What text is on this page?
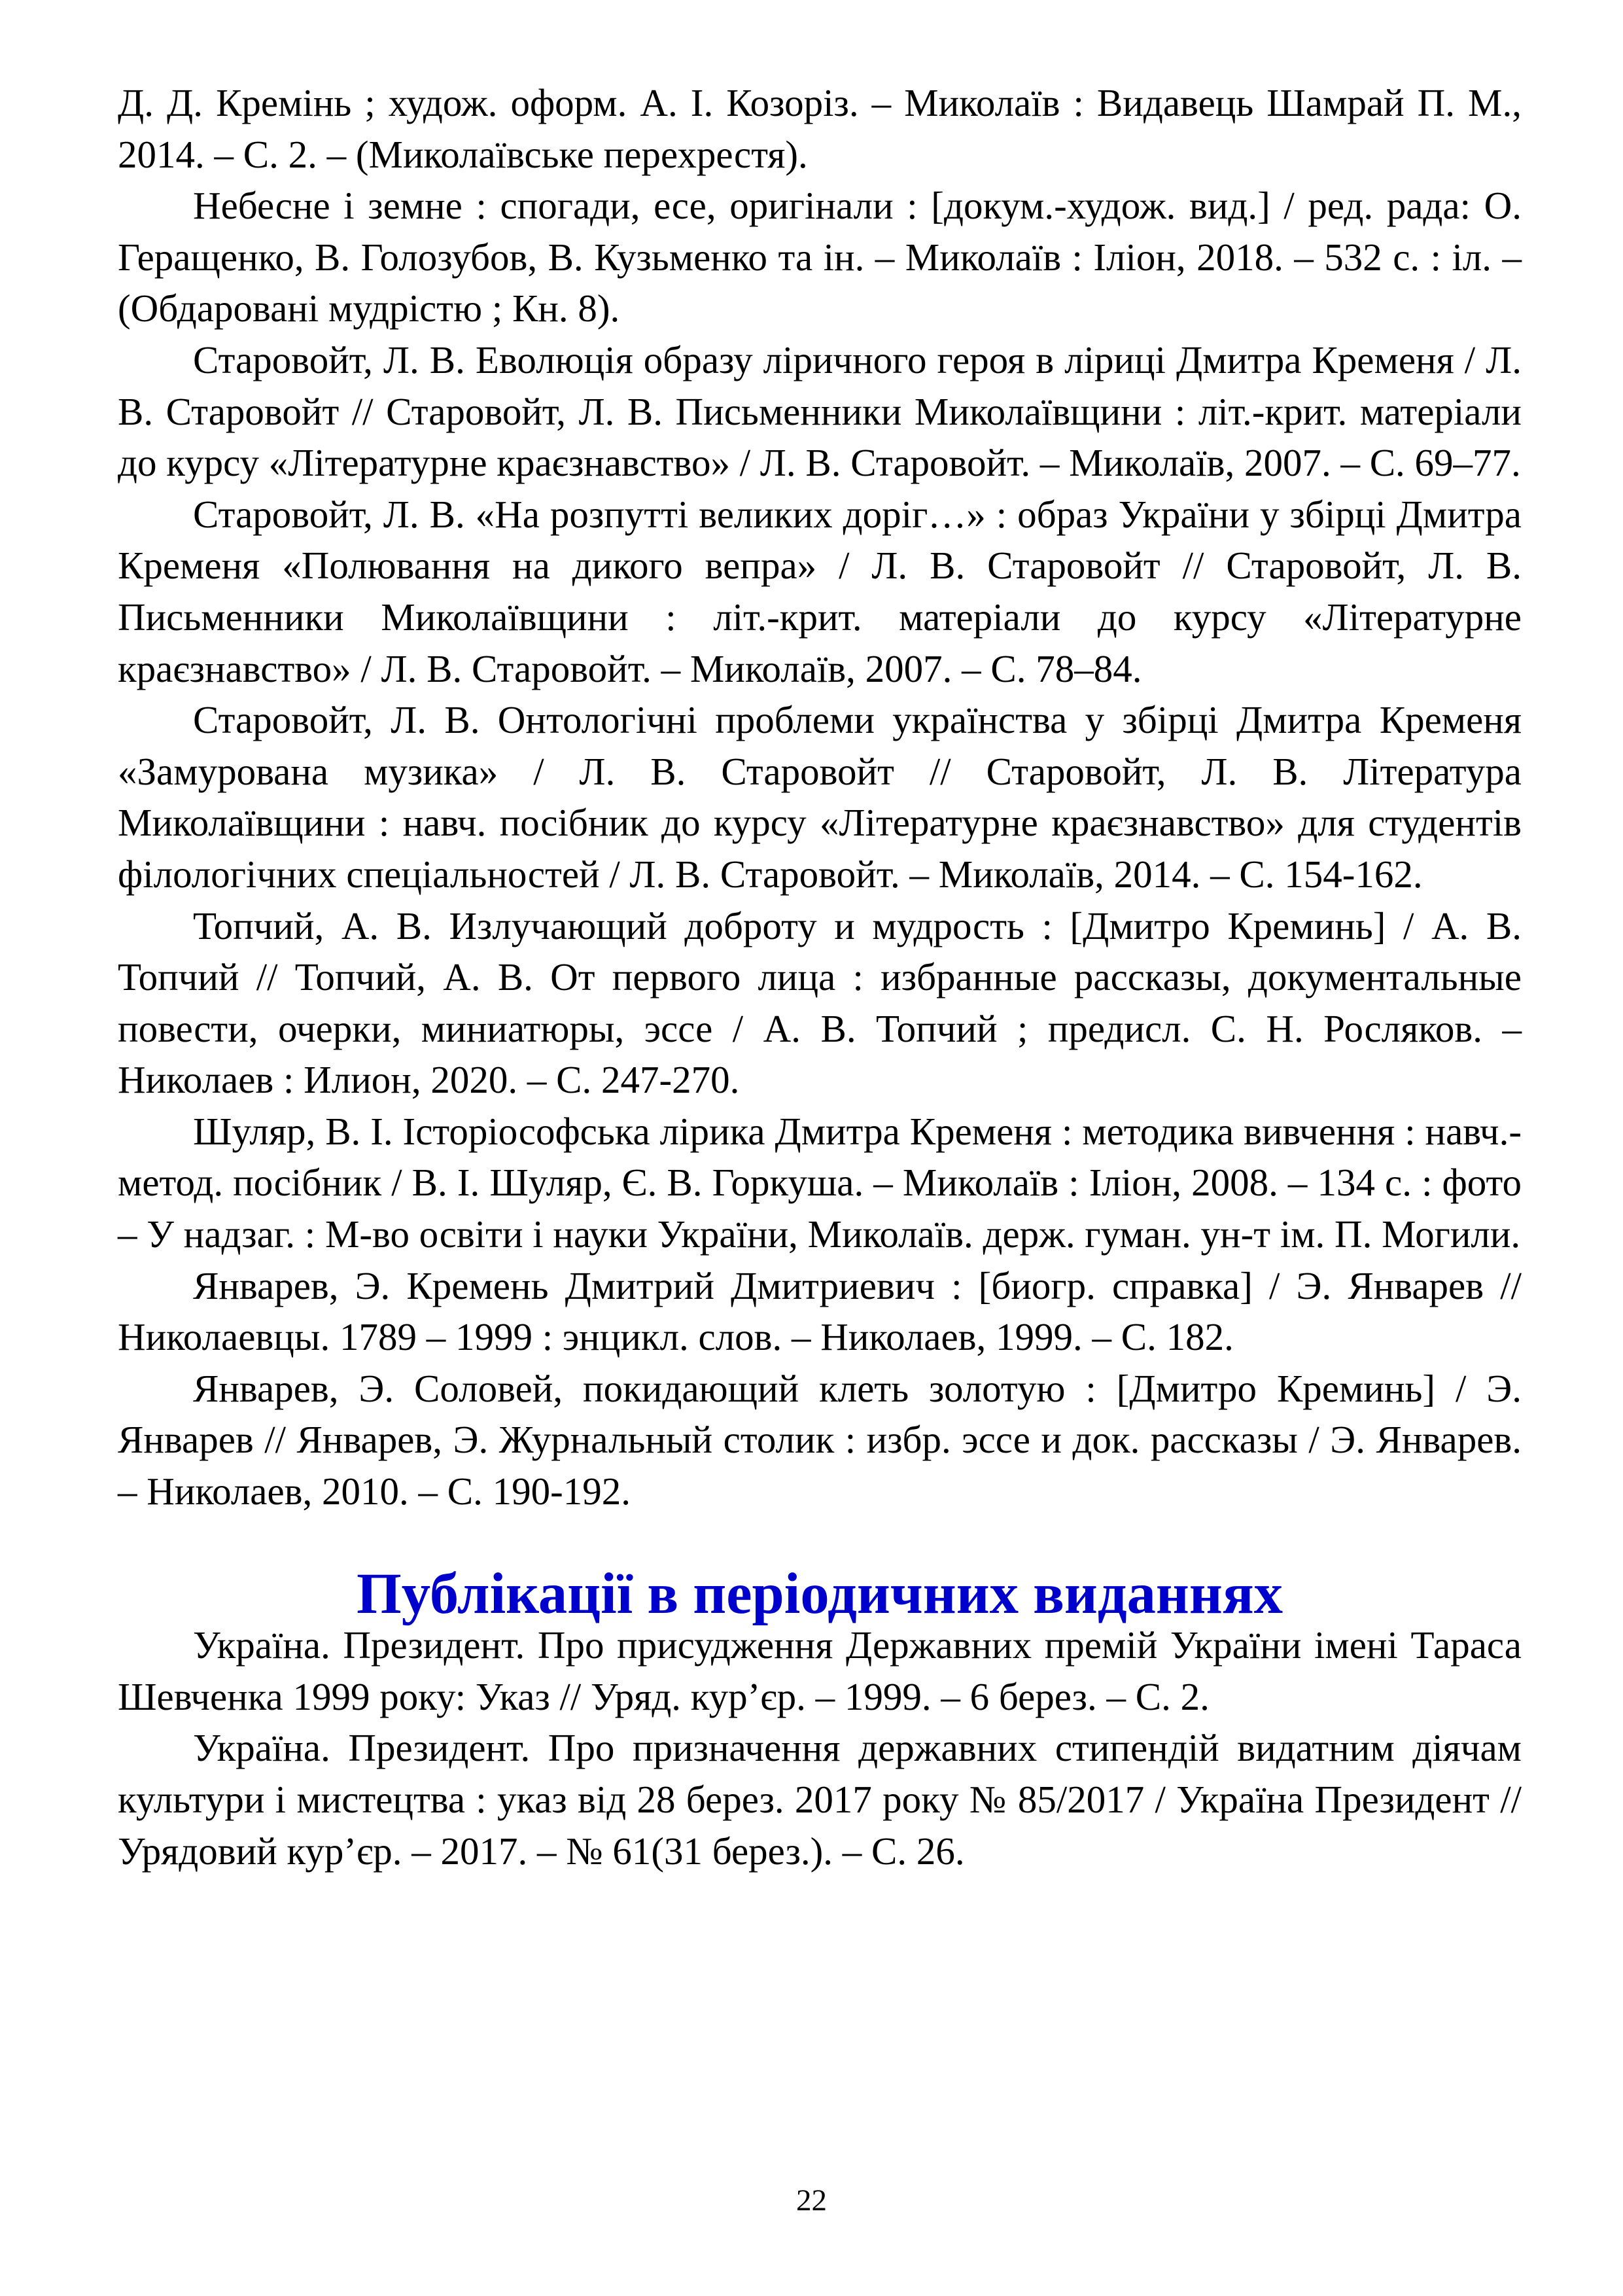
Д. Д. Кремінь ; худож. оформ. А. І. Козоріз. – Миколаїв : Видавець Шамрай П. М., 2014. – С. 2. – (Миколаївське перехрестя).

Небесне і земне : спогади, есе, оригінали : [докум.-худож. вид.] / ред. рада: О. Геращенко, В. Голозубов, В. Кузьменко та ін. – Миколаїв : Іліон, 2018. – 532 с. : іл. – (Обдаровані мудрістю ; Кн. 8).

Старовойт, Л. В. Еволюція образу ліричного героя в ліриці Дмитра Кременя / Л. В. Старовойт // Старовойт, Л. В. Письменники Миколаївщини : літ.-крит. матеріали до курсу «Літературне краєзнавство» / Л. В. Старовойт. – Миколаїв, 2007. – С. 69–77.

Старовойт, Л. В. «На розпутті великих доріг…» : образ України у збірці Дмитра Кременя «Полювання на дикого вепра» / Л. В. Старовойт // Старовойт, Л. В. Письменники Миколаївщини : літ.-крит. матеріали до курсу «Літературне краєзнавство» / Л. В. Старовойт. – Миколаїв, 2007. – С. 78–84.

Старовойт, Л. В. Онтологічні проблеми українства у збірці Дмитра Кременя «Замурована музика» / Л. В. Старовойт // Старовойт, Л. В. Література Миколаївщини : навч. посібник до курсу «Літературне краєзнавство» для студентів філологічних спеціальностей / Л. В. Старовойт. – Миколаїв, 2014. – С. 154-162.

Топчий, А. В. Излучающий доброту и мудрость : [Дмитро Креминь] / А. В. Топчий // Топчий, А. В. От первого лица : избранные рассказы, документальные повести, очерки, миниатюры, эссе / А. В. Топчий ; предисл. С. Н. Росляков. – Николаев : Илион, 2020. – С. 247-270.

Шуляр, В. І. Історіософська лірика Дмитра Кременя : методика вивчення : навч.-метод. посібник / В. І. Шуляр, Є. В. Горкуша. – Миколаїв : Іліон, 2008. – 134 с. : фото – У надзаг. : М-во освіти і науки України, Миколаїв. держ. гуман. ун-т ім. П. Могили.

Январев, Э. Кремень Дмитрий Дмитриевич : [биогр. справка] / Э. Январев // Николаевцы. 1789 – 1999 : энцикл. слов. – Николаев, 1999. – С. 182.

Январев, Э. Соловей, покидающий клеть золотую : [Дмитро Креминь] / Э. Январев // Январев, Э. Журнальный столик : избр. эссе и док. рассказы / Э. Январев. – Николаев, 2010. – С. 190-192.

Публікації в періодичних виданнях

Україна. Президент. Про присудження Державних премій України імені Тараса Шевченка 1999 року: Указ // Уряд. кур’єр. – 1999. – 6 берез. – С. 2.

Україна. Президент. Про призначення державних стипендій видатним діячам культури і мистецтва : указ від 28 берез. 2017 року № 85/2017 / Україна Президент // Урядовий кур’єр. – 2017. – № 61(31 берез.). – С. 26.

22
